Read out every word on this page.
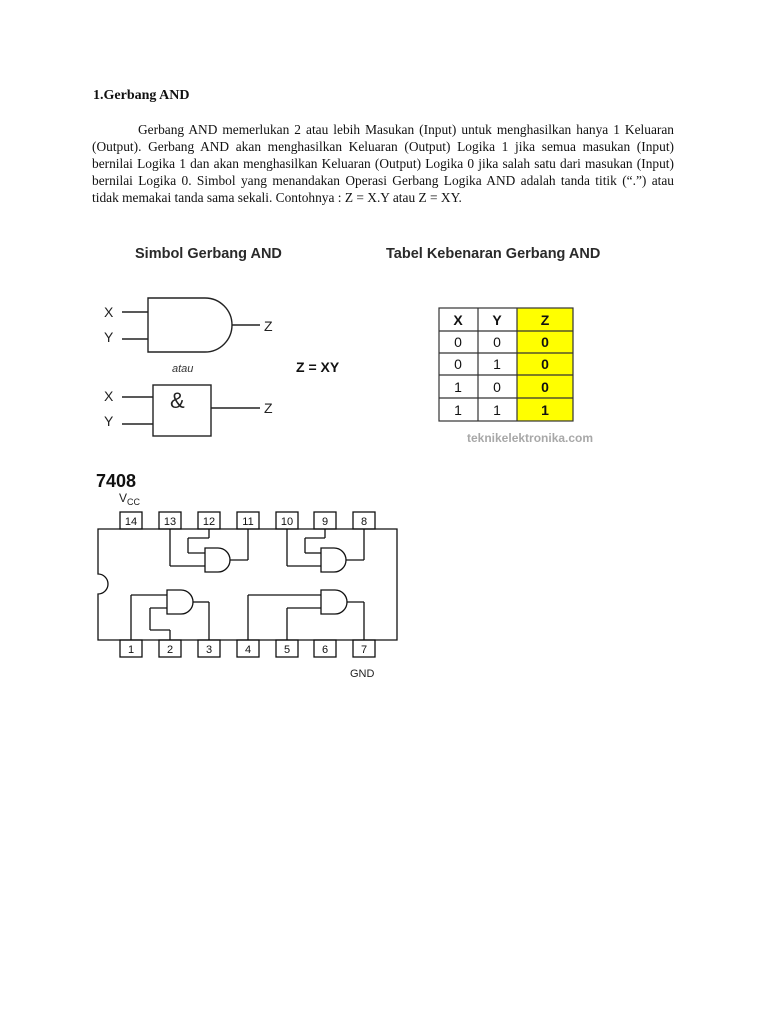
1.Gerbang AND

Gerbang AND memerlukan 2 atau lebih Masukan (Input) untuk menghasilkan hanya 1 Keluaran (Output). Gerbang AND akan menghasilkan Keluaran (Output) Logika 1 jika semua masukan (Input) bernilai Logika 1 dan akan menghasilkan Keluaran (Output) Logika 0 jika salah satu dari masukan (Input) bernilai Logika 0. Simbol yang menandakan Operasi Gerbang Logika AND adalah tanda titik (“.”) atau tidak memakai tanda sama sekali. Contohnya : Z = X.Y atau Z = XY.

Simbol Gerbang AND	Tabel Kebenaran Gerbang AND
X
Y
Z
atau
X
Y
Z
&
Z = XY
X Y	Z
0 0	0
0 1	0
1 0	0
1 1	1
teknikelektronika.com
7408
$V_{CC}$
GND
14 13 12 11 10	9	8
1	2	3	4	5	6	7
